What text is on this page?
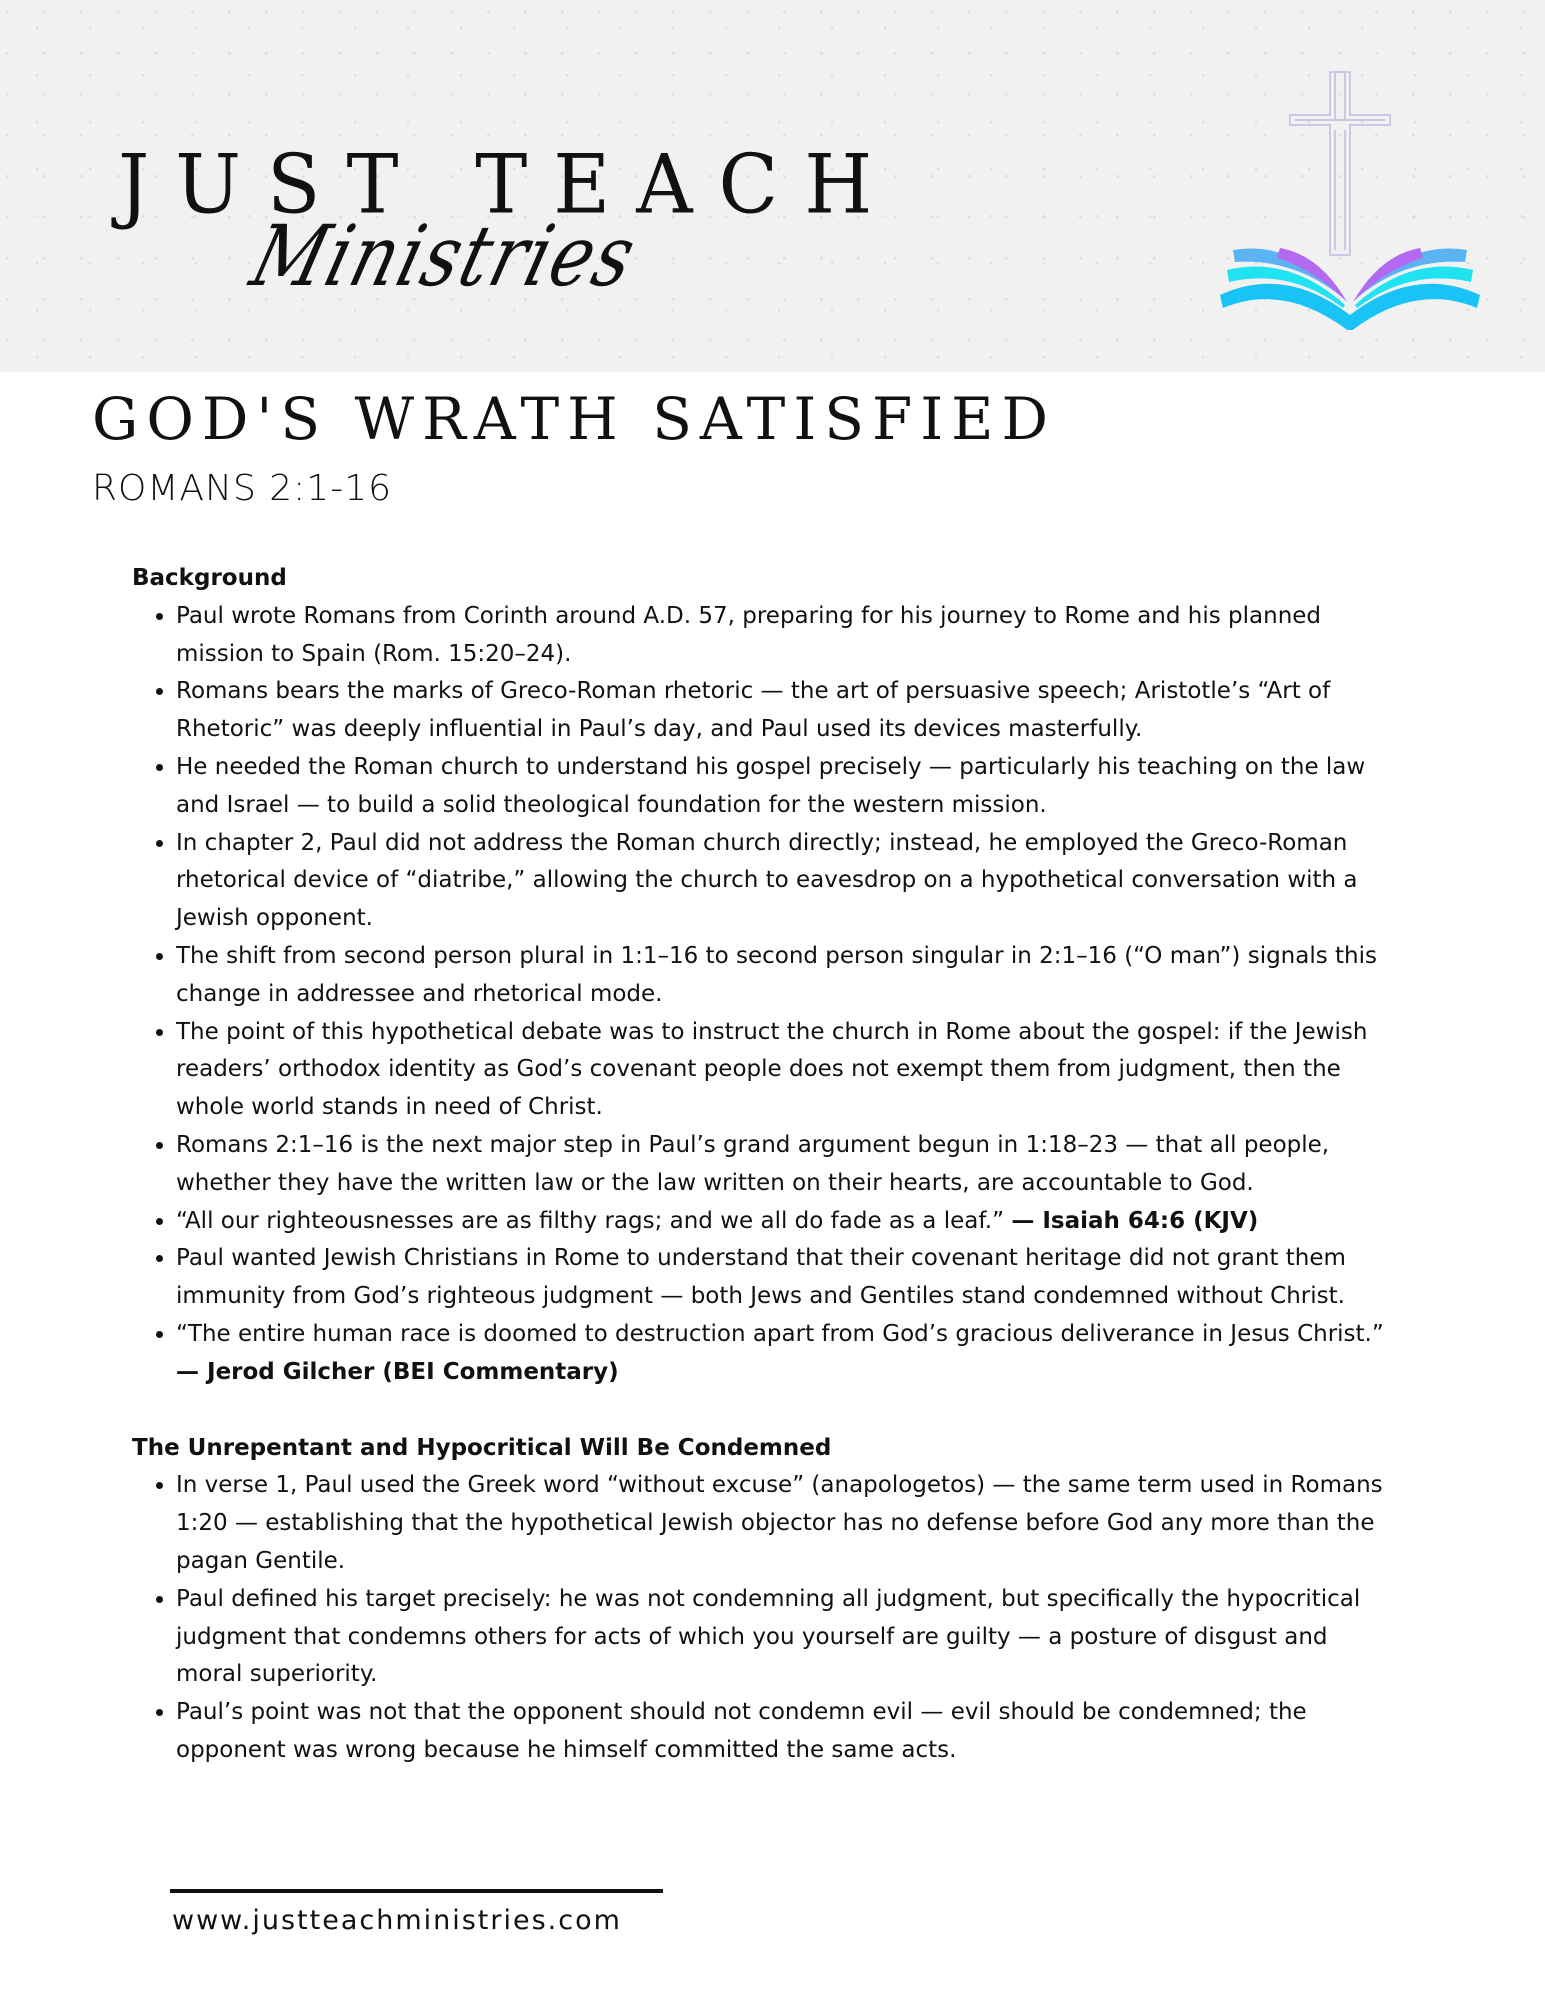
JUST TEACH
Ministries
GOD'S WRATH SATISFIED
ROMANS 2:1-16

Background

• Paul wrote Romans from Corinth around A.D. 57, preparing for his journey to Rome and his planned mission to Spain (Rom. 15:20–24).
• Romans bears the marks of Greco-Roman rhetoric — the art of persuasive speech; Aristotle’s “Art of Rhetoric” was deeply influential in Paul’s day, and Paul used its devices masterfully.
• He needed the Roman church to understand his gospel precisely — particularly his teaching on the law and Israel — to build a solid theological foundation for the western mission.
• In chapter 2, Paul did not address the Roman church directly; instead, he employed the Greco-Roman rhetorical device of “diatribe,” allowing the church to eavesdrop on a hypothetical conversation with a Jewish opponent.
• The shift from second person plural in 1:1–16 to second person singular in 2:1–16 (“O man”) signals this change in addressee and rhetorical mode.
• The point of this hypothetical debate was to instruct the church in Rome about the gospel: if the Jewish readers’ orthodox identity as God’s covenant people does not exempt them from judgment, then the whole world stands in need of Christ.
• Romans 2:1–16 is the next major step in Paul’s grand argument begun in 1:18–23 — that all people, whether they have the written law or the law written on their hearts, are accountable to God.
• “All our righteousnesses are as filthy rags; and we all do fade as a leaf.” — Isaiah 64:6 (KJV)
• Paul wanted Jewish Christians in Rome to understand that their covenant heritage did not grant them immunity from God’s righteous judgment — both Jews and Gentiles stand condemned without Christ.
• “The entire human race is doomed to destruction apart from God’s gracious deliverance in Jesus Christ.” — Jerod Gilcher (BEI Commentary)

The Unrepentant and Hypocritical Will Be Condemned

• In verse 1, Paul used the Greek word “without excuse” (anapologetos) — the same term used in Romans 1:20 — establishing that the hypothetical Jewish objector has no defense before God any more than the pagan Gentile.
• Paul defined his target precisely: he was not condemning all judgment, but specifically the hypocritical judgment that condemns others for acts of which you yourself are guilty — a posture of disgust and moral superiority.
• Paul’s point was not that the opponent should not condemn evil — evil should be condemned; the opponent was wrong because he himself committed the same acts.
www.justteachministries.com
